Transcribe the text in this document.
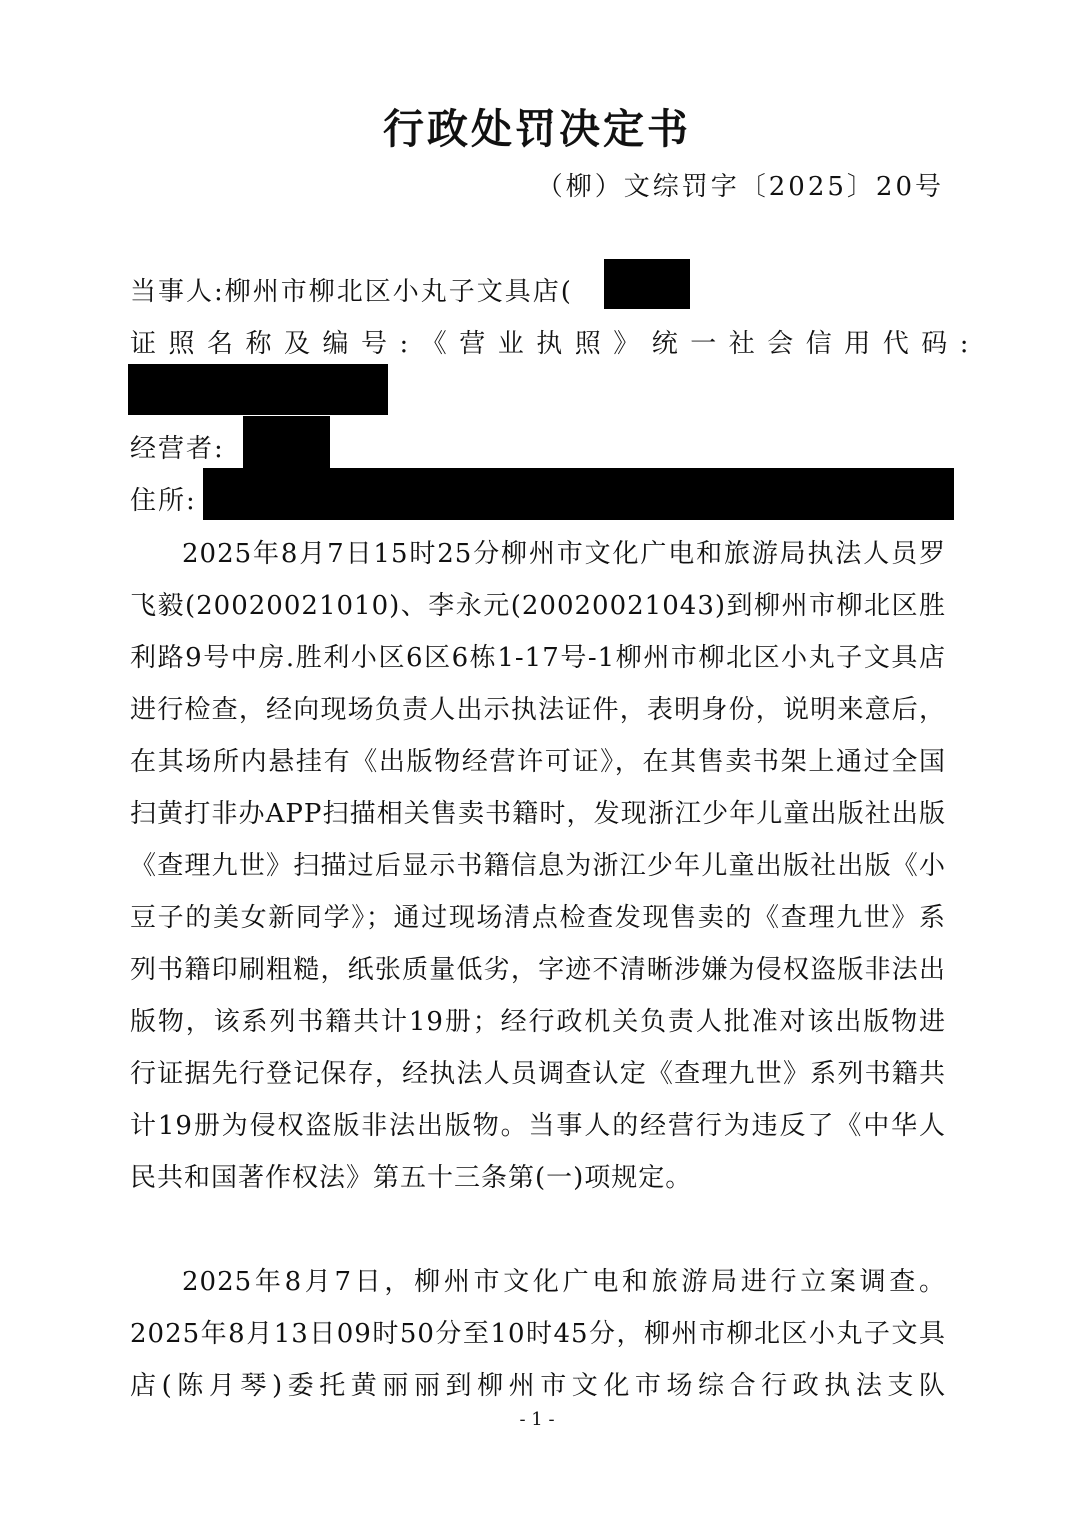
行政处罚决定书
（柳）文综罚字〔2025〕20号
当事人:柳州市柳北区小丸子文具店(
证照名称及编号:《营业执照》统一社会信用代码:
经营者:
住所:

2025年8月7日15时25分柳州市文化广电和旅游局执法人员罗飞毅(20020021010)、李永元(20020021043)到柳州市柳北区胜利路9号中房.胜利小区6区6栋1-17号-1柳州市柳北区小丸子文具店进行检查，经向现场负责人出示执法证件，表明身份，说明来意后，在其场所内悬挂有《出版物经营许可证》，在其售卖书架上通过全国扫黄打非办APP扫描相关售卖书籍时，发现浙江少年儿童出版社出版《查理九世》扫描过后显示书籍信息为浙江少年儿童出版社出版《小豆子的美女新同学》；通过现场清点检查发现售卖的《查理九世》系列书籍印刷粗糙，纸张质量低劣，字迹不清晰涉嫌为侵权盗版非法出版物，该系列书籍共计19册；经行政机关负责人批准对该出版物进行证据先行登记保存，经执法人员调查认定《查理九世》系列书籍共计19册为侵权盗版非法出版物。当事人的经营行为违反了《中华人民共和国著作权法》第五十三条第(一)项规定。

2025年8月7日，柳州市文化广电和旅游局进行立案调查。2025年8月13日09时50分至10时45分，柳州市柳北区小丸子文具店(陈月琴)委托黄丽丽到柳州市文化市场综合行政执法支队

- 1 -
